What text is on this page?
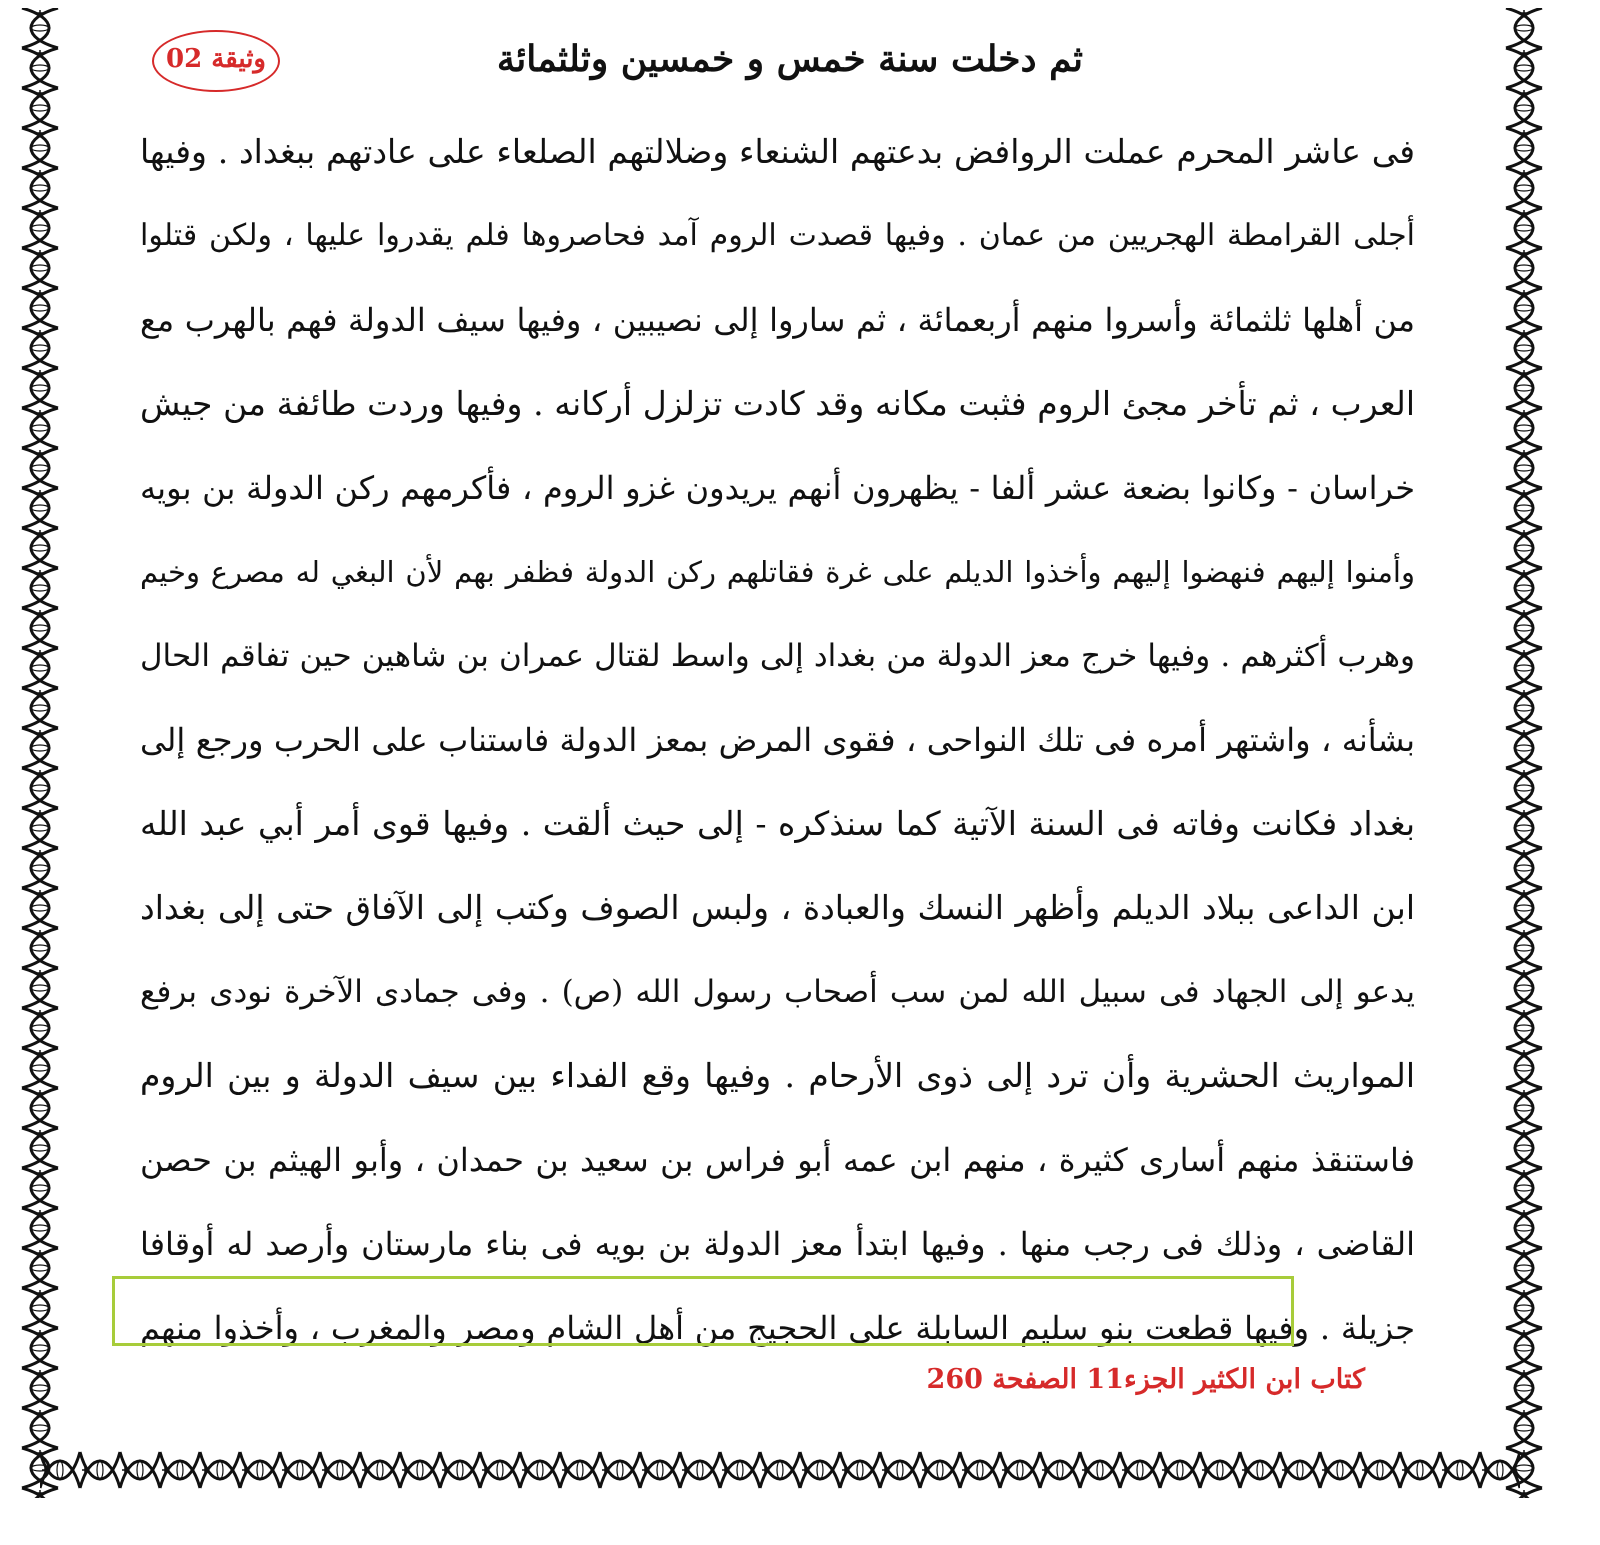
وثيقة 02	ثم دخلت سنة خمس و خمسين وثلثمائة
فى عاشر المحرم عملت الروافض بدعتهم الشنعاء وضلالتهم الصلعاء على عادتهم ببغداد . وفيها
أجلى القرامطة الهجريين من عمان . وفيها قصدت الروم آمد فحاصروها فلم يقدروا عليها ، ولكن قتلوا
من أهلها ثلثمائة وأسروا منهم أربعمائة ، ثم ساروا إلى نصيبين ، وفيها سيف الدولة فهم بالهرب مع
العرب ، ثم تأخر مجئ الروم فثبت مكانه وقد كادت تزلزل أركانه . وفيها وردت طائفة من جيش
خراسان - وكانوا بضعة عشر ألفا - يظهرون أنهم يريدون غزو الروم ، فأكرمهم ركن الدولة بن بويه
وأمنوا إليهم فنهضوا إليهم وأخذوا الديلم على غرة فقاتلهم ركن الدولة فظفر بهم لأن البغي له مصرع وخيم
وهرب أكثرهم . وفيها خرج معز الدولة من بغداد إلى واسط لقتال عمران بن شاهين حين تفاقم الحال
بشأنه ، واشتهر أمره فى تلك النواحى ، فقوى المرض بمعز الدولة فاستناب على الحرب ورجع إلى
بغداد فكانت وفاته فى السنة الآتية كما سنذكره - إلى حيث ألقت . وفيها قوى أمر أبي عبد الله
ابن الداعى ببلاد الديلم وأظهر النسك والعبادة ، ولبس الصوف وكتب إلى الآفاق حتى إلى بغداد
يدعو إلى الجهاد فى سبيل الله لمن سب أصحاب رسول الله (ص) . وفى جمادى الآخرة نودى برفع
المواريث الحشرية وأن ترد إلى ذوى الأرحام . وفيها وقع الفداء بين سيف الدولة و بين الروم
فاستنقذ منهم أسارى كثيرة ، منهم ابن عمه أبو فراس بن سعيد بن حمدان ، وأبو الهيثم بن حصن
القاضى ، وذلك فى رجب منها . وفيها ابتدأ معز الدولة بن بويه فى بناء مارستان وأرصد له أوقافا
جزيلة . وفيها قطعت بنو سليم السابلة على الحجيج من أهل الشام ومصر والمغرب ، وأخذوا منهم
كتاب ابن الكثير الجزء11 الصفحة 260
